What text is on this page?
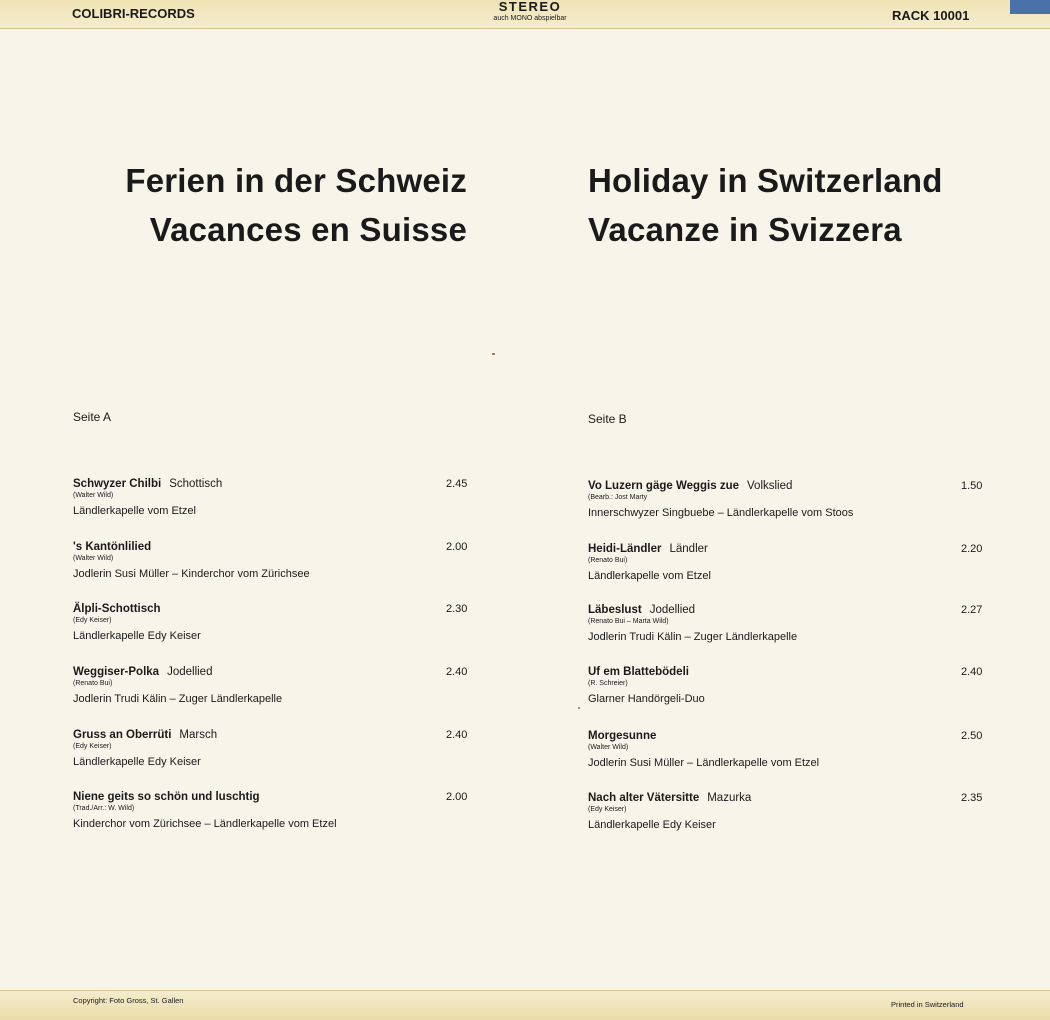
COLIBRI-RECORDS	STEREO
auch MONO abspielbar	RACK 10001
Ferien in der Schweiz
Vacances en Suisse
Holiday in Switzerland
Vacanze in Svizzera
Seite A	Seite B
Schwyzer Chilbi Schottisch
(Walter Wild)
Ländlerkapelle vom Etzel
2.45
's Kantönlilied
(Walter Wild)
Jodlerin Susi Müller – Kinderchor vom Zürichsee
2.00
Älpli-Schottisch
(Edy Keiser)
Ländlerkapelle Edy Keiser
2.30
Weggiser-Polka Jodellied
(Renato Bui)
Jodlerin Trudi Kälin – Zuger Ländlerkapelle
2.40
Gruss an Oberrüti Marsch
(Edy Keiser)
Ländlerkapelle Edy Keiser
2.40
Niene geits so schön und luschtig
(Trad./Arr.: W. Wild)
Kinderchor vom Zürichsee – Ländlerkapelle vom Etzel
2.00
Vo Luzern gäge Weggis zue Volkslied
(Bearb.: Jost Marty
Innerschwyzer Singbuebe – Ländlerkapelle vom Stoos
1.50
Heidi-Ländler Ländler
(Renato Bui)
Ländlerkapelle vom Etzel
2.20
Läbeslust Jodellied
(Renato Bui – Marta Wild)
Jodlerin Trudi Kälin – Zuger Ländlerkapelle
2.27
Uf em Blattebödeli
(R. Schreier)
Glarner Handörgeli-Duo
2.40
Morgesunne
(Walter Wild)
Jodlerin Susi Müller – Ländlerkapelle vom Etzel
2.50
Nach alter Vätersitte Mazurka
(Edy Keiser)
Ländlerkapelle Edy Keiser
2.35
Copyright: Foto Gross, St. Gallen	Printed in Switzerland
